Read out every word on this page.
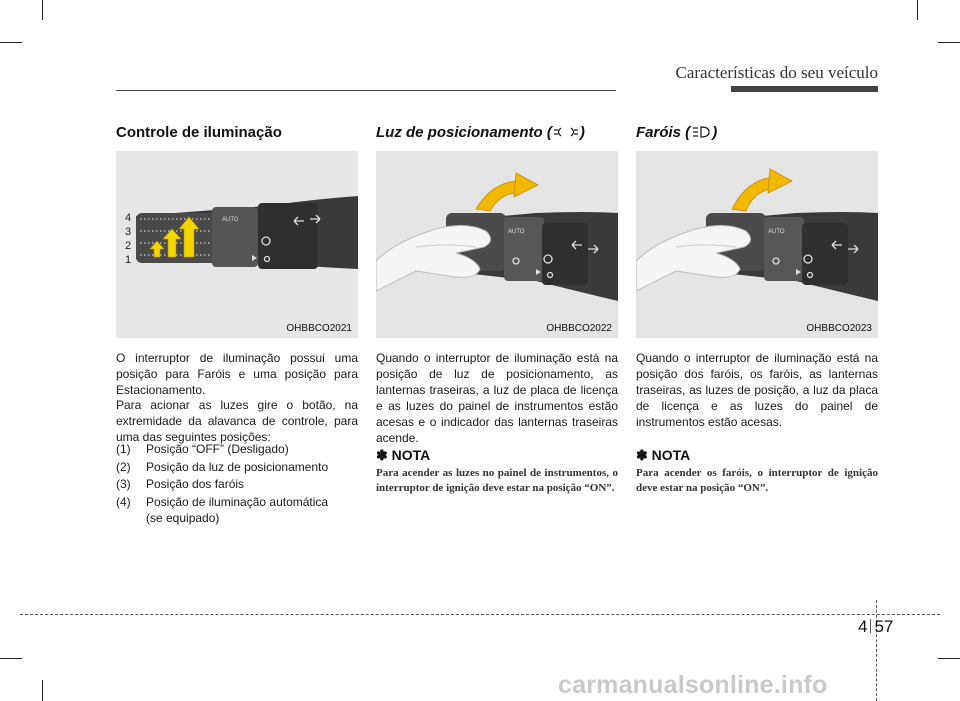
Características do seu veículo
Controle de iluminação
AUTO
4
3
2
1
OHBBCO2021

O interruptor de iluminação possui uma posição para Faróis e uma posição para Estacionamento.

Para acionar as luzes gire o botão, na extremidade da alavanca de controle, para uma das seguintes posições:

(1)	Posição “OFF” (Desligado)
(2)	Posição da luz de posicionamento
(3)	Posição dos faróis
(4)	Posição de iluminação automática
(se equipado)
Luz de posicionamento ( )
AUTO
OHBBCO2022

Quando o interruptor de iluminação está na posição de luz de posicionamento, as lanternas traseiras, a luz de placa de licença e as luzes do painel de instrumentos estão acesas e o indicador das lanternas traseiras acende.

✽ NOTA

Para acender as luzes no painel de instrumentos, o interruptor de ignição deve estar na posição “ON”.

Faróis ( )
AUTO
OHBBCO2023

Quando o interruptor de iluminação está na posição dos faróis, os faróis, as lanternas traseiras, as luzes de posição, a luz da placa de licença e as luzes do painel de instrumentos estão acesas.

✽ NOTA

Para acender os faróis, o interruptor de ignição deve estar na posição “ON”.

4 57
carmanualsonline.info
